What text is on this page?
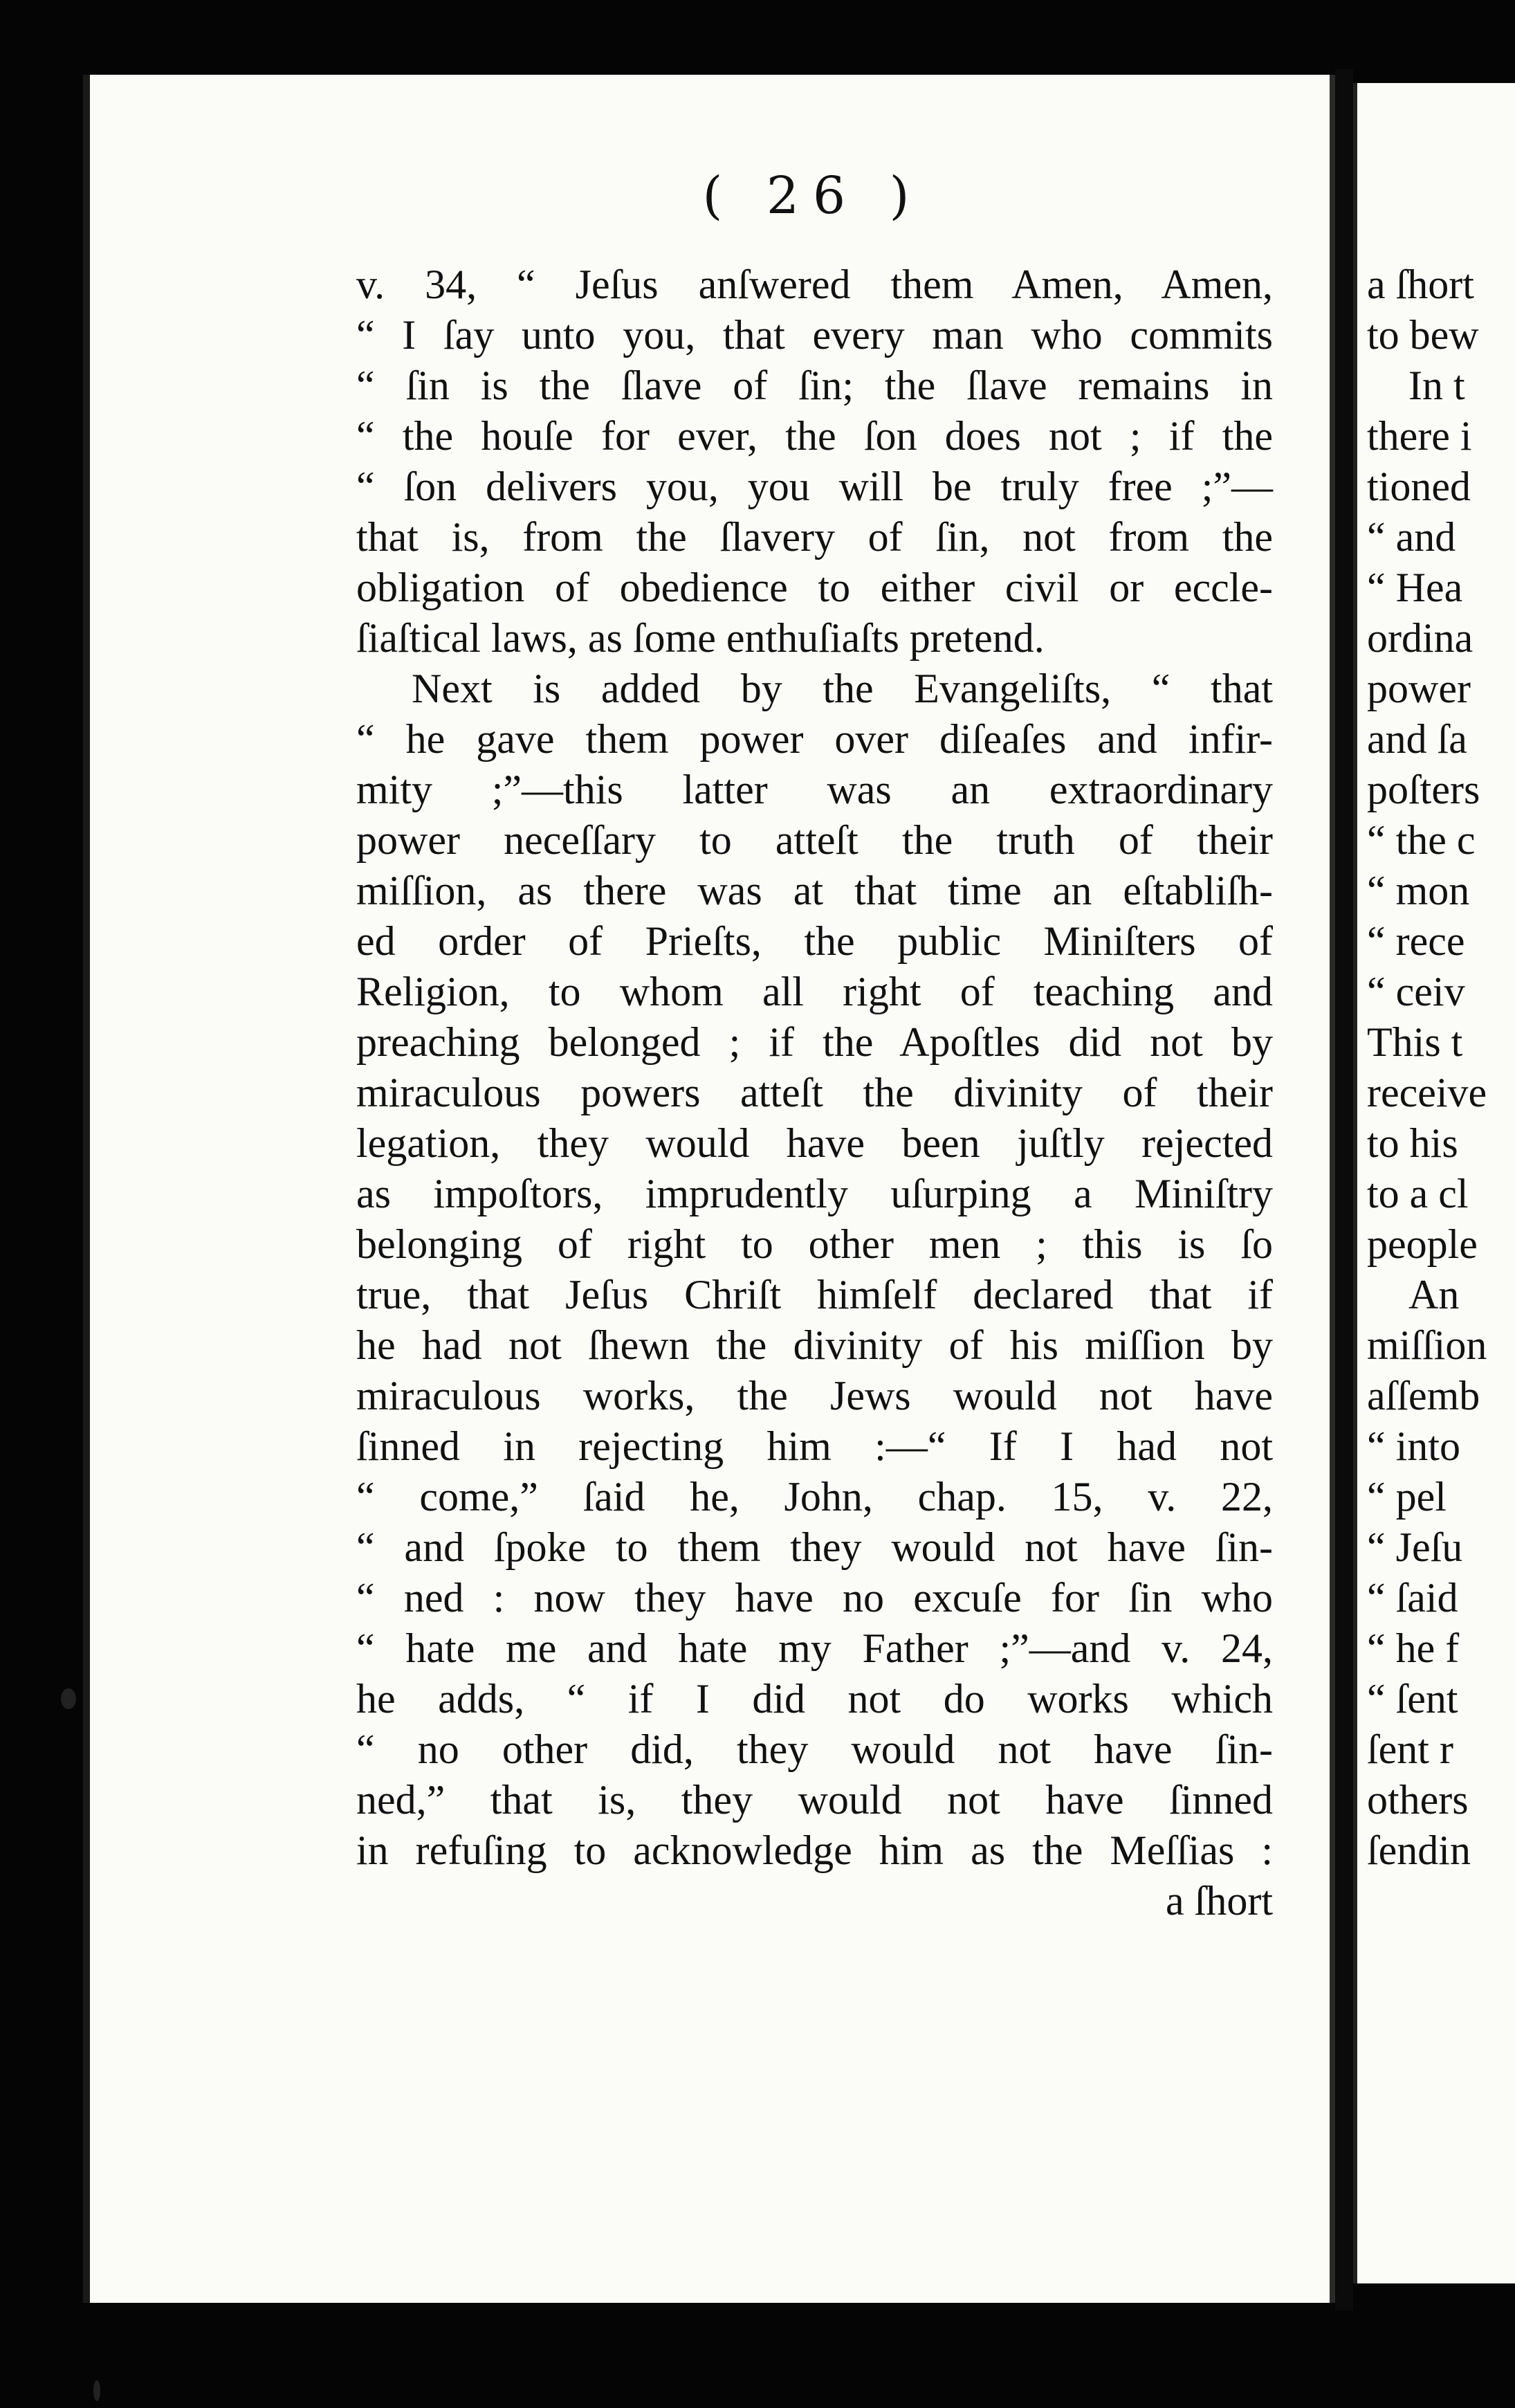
a ſhort
to bew
In t
there i
tioned
“ and
“ Hea
ordina
power
and ſa
poſters
“ the c
“ mon
“ rece
“ ceiv
This t
receive
to his
to a cl
people
An
miſſion
aſſemb
“ into
“ pel
“ Jeſu
“ ſaid
“ he f
“ ſent
ſent r
others
ſendin
( 26 )
v. 34, “ Jeſus anſwered them Amen, Amen,
“ I ſay unto you, that every man who commits
“ ſin is the ſlave of ſin; the ſlave remains in
“ the houſe for ever, the ſon does not ; if the
“ ſon delivers you, you will be truly free ;”—
that is, from the ſlavery of ſin, not from the
obligation of obedience to either civil or eccle-
ſiaſtical laws, as ſome enthuſiaſts pretend.
Next is added by the Evangeliſts, “ that
“ he gave them power over diſeaſes and infir-
mity ;”—this latter was an extraordinary
power neceſſary to atteſt the truth of their
miſſion, as there was at that time an eſtabliſh-
ed order of Prieſts, the public Miniſters of
Religion, to whom all right of teaching and
preaching belonged ; if the Apoſtles did not by
miraculous powers atteſt the divinity of their
legation, they would have been juſtly rejected
as impoſtors, imprudently uſurping a Miniſtry
belonging of right to other men ; this is ſo
true, that Jeſus Chriſt himſelf declared that if
he had not ſhewn the divinity of his miſſion by
miraculous works, the Jews would not have
ſinned in rejecting him :—“ If I had not
“ come,” ſaid he, John, chap. 15, v. 22,
“ and ſpoke to them they would not have ſin-
“ ned : now they have no excuſe for ſin who
“ hate me and hate my Father ;”—and v. 24,
he adds, “ if I did not do works which
“ no other did, they would not have ſin-
ned,” that is, they would not have ſinned
in refuſing to acknowledge him as the Meſſias :
a ſhort
